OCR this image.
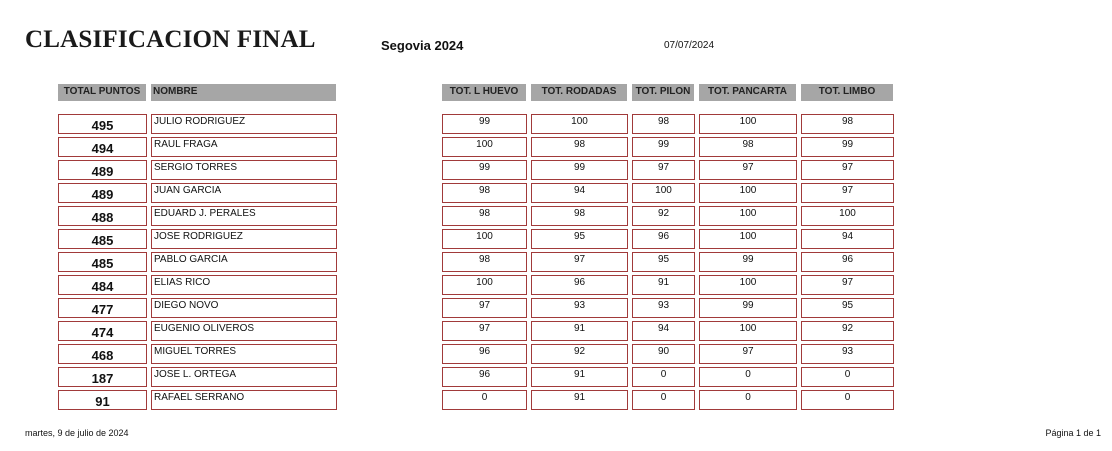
CLASIFICACION FINAL	Segovia 2024	07/07/2024
TOTAL PUNTOS	NOMBRE	TOT. L HUEVO	TOT. RODADAS	TOT. PILON	TOT. PANCARTA	TOT. LIMBO
495	JULIO RODRIGUEZ	99	100	98	100	98
494	RAUL FRAGA	100	98	99	98	99
489	SERGIO TORRES	99	99	97	97	97
489	JUAN GARCIA	98	94	100	100	97
488	EDUARD J. PERALES	98	98	92	100	100
485	JOSE RODRIGUEZ	100	95	96	100	94
485	PABLO GARCIA	98	97	95	99	96
484	ELIAS RICO	100	96	91	100	97
477	DIEGO NOVO	97	93	93	99	95
474	EUGENIO OLIVEROS	97	91	94	100	92
468	MIGUEL TORRES	96	92	90	97	93
187	JOSE L. ORTEGA	96	91	0	0	0
91	RAFAEL SERRANO	0	91	0	0	0
martes, 9 de julio de 2024	Página 1 de 1
